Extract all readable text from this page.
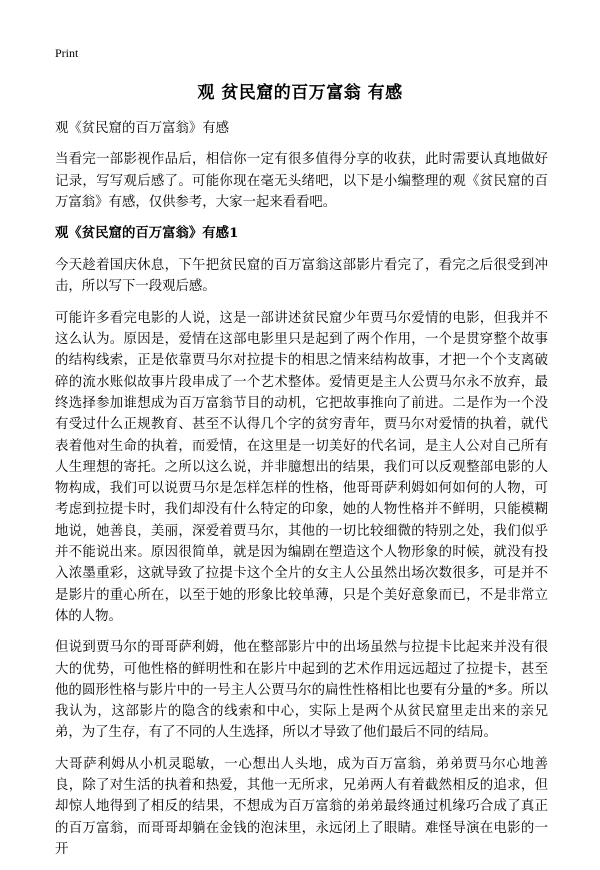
Print
观 贫民窟的百万富翁 有感

观《贫民窟的百万富翁》有感

当看完一部影视作品后，相信你一定有很多值得分享的收获，此时需要认真地做好记录，写写观后感了。可能你现在毫无头绪吧，以下是小编整理的观《贫民窟的百万富翁》有感，仅供参考，大家一起来看看吧。

观《贫民窟的百万富翁》有感1

今天趁着国庆休息，下午把贫民窟的百万富翁这部影片看完了，看完之后很受到冲击，所以写下一段观后感。

可能许多看完电影的人说，这是一部讲述贫民窟少年贾马尔爱情的电影，但我并不这么认为。原因是，爱情在这部电影里只是起到了两个作用，一个是贯穿整个故事的结构线索，正是依靠贾马尔对拉提卡的相思之情来结构故事，才把一个个支离破碎的流水账似故事片段串成了一个艺术整体。爱情更是主人公贾马尔永不放弃，最终选择参加谁想成为百万富翁节目的动机，它把故事推向了前进。二是作为一个没有受过什么正规教育、甚至不认得几个字的贫穷青年，贾马尔对爱情的执着，就代表着他对生命的执着，而爱情，在这里是一切美好的代名词，是主人公对自己所有人生理想的寄托。之所以这么说，并非臆想出的结果，我们可以反观整部电影的人物构成，我们可以说贾马尔是怎样怎样的性格，他哥哥萨利姆如何如何的人物，可考虑到拉提卡时，我们却没有什么特定的印象，她的人物性格并不鲜明，只能模糊地说，她善良，美丽，深爱着贾马尔，其他的一切比较细微的特别之处，我们似乎并不能说出来。原因很简单，就是因为编剧在塑造这个人物形象的时候，就没有投入浓墨重彩，这就导致了拉提卡这个全片的女主人公虽然出场次数很多，可是并不是影片的重心所在，以至于她的形象比较单薄，只是个美好意象而已，不是非常立体的人物。

但说到贾马尔的哥哥萨利姆，他在整部影片中的出场虽然与拉提卡比起来并没有很大的优势，可他性格的鲜明性和在影片中起到的艺术作用远远超过了拉提卡，甚至他的圆形性格与影片中的一号主人公贾马尔的扁性性格相比也要有分量的*多。所以我认为，这部影片的隐含的线索和中心，实际上是两个从贫民窟里走出来的亲兄弟，为了生存，有了不同的人生选择，所以才导致了他们最后不同的结局。

大哥萨利姆从小机灵聪敏，一心想出人头地，成为百万富翁，弟弟贾马尔心地善良，除了对生活的执着和热爱，其他一无所求，兄弟两人有着截然相反的追求，但却惊人地得到了相反的结果，不想成为百万富翁的弟弟最终通过机缘巧合成了真正的百万富翁，而哥哥却躺在金钱的泡沫里，永远闭上了眼睛。难怪导演在电影的一开
